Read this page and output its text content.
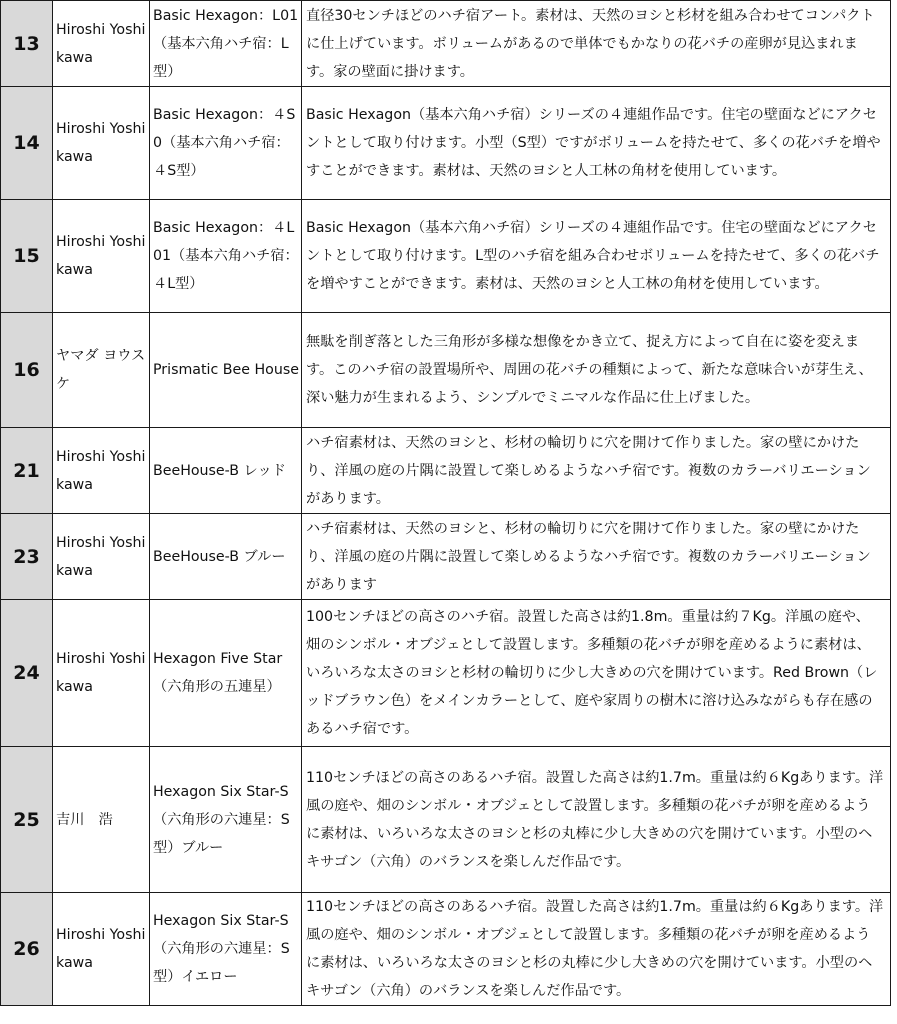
13	Hiroshi Yoshikawa	Basic Hexagon：L01（基本六角ハチ宿：L型）	直径30センチほどのハチ宿アート。素材は、天然のヨシと杉材を組み合わせてコンパクトに仕上げています。ボリュームがあるので単体でもかなりの花バチの産卵が見込まれます。家の壁面に掛けます。
14	Hiroshi Yoshikawa	Basic Hexagon：４S0（基本六角ハチ宿：４S型）	Basic Hexagon（基本六角ハチ宿）シリーズの４連組作品です。住宅の壁面などにアクセントとして取り付けます。小型（S型）ですがボリュームを持たせて、多くの花バチを増やすことができます。素材は、天然のヨシと人工林の角材を使用しています。
15	Hiroshi Yoshikawa	Basic Hexagon：４L01（基本六角ハチ宿：４L型）	Basic Hexagon（基本六角ハチ宿）シリーズの４連組作品です。住宅の壁面などにアクセントとして取り付けます。L型のハチ宿を組み合わせボリュームを持たせて、多くの花バチを増やすことができます。素材は、天然のヨシと人工林の角材を使用しています。
16	ヤマダ ヨウスケ	Prismatic Bee House	無駄を削ぎ落とした三角形が多様な想像をかき立て、捉え方によって自在に姿を変えます。このハチ宿の設置場所や、周囲の花バチの種類によって、新たな意味合いが芽生え、深い魅力が生まれるよう、シンプルでミニマルな作品に仕上げました。
21	Hiroshi Yoshikawa	BeeHouse-B レッド	ハチ宿素材は、天然のヨシと、杉材の輪切りに穴を開けて作りました。家の壁にかけたり、洋風の庭の片隅に設置して楽しめるようなハチ宿です。複数のカラーバリエーションがあります。
23	Hiroshi Yoshikawa	BeeHouse-B ブルー	ハチ宿素材は、天然のヨシと、杉材の輪切りに穴を開けて作りました。家の壁にかけたり、洋風の庭の片隅に設置して楽しめるようなハチ宿です。複数のカラーバリエーションがあります
24	Hiroshi Yoshikawa	Hexagon Five Star（六角形の五連星）	100センチほどの高さのハチ宿。設置した高さは約1.8m。重量は約７Kg。洋風の庭や、畑のシンボル・オブジェとして設置します。多種類の花バチが卵を産めるように素材は、いろいろな太さのヨシと杉材の輪切りに少し大きめの穴を開けています。Red Brown（レッドブラウン色）をメインカラーとして、庭や家周りの樹木に溶け込みながらも存在感のあるハチ宿です。
25	吉川　浩	Hexagon Six Star-S（六角形の六連星：S型）ブルー	110センチほどの高さのあるハチ宿。設置した高さは約1.7m。重量は約６Kgあります。洋風の庭や、畑のシンボル・オブジェとして設置します。多種類の花バチが卵を産めるように素材は、いろいろな太さのヨシと杉の丸棒に少し大きめの穴を開けています。小型のヘキサゴン（六角）のバランスを楽しんだ作品です。
26	Hiroshi Yoshikawa	Hexagon Six Star-S（六角形の六連星：S型）イエロー	110センチほどの高さのあるハチ宿。設置した高さは約1.7m。重量は約６Kgあります。洋風の庭や、畑のシンボル・オブジェとして設置します。多種類の花バチが卵を産めるように素材は、いろいろな太さのヨシと杉の丸棒に少し大きめの穴を開けています。小型のヘキサゴン（六角）のバランスを楽しんだ作品です。
